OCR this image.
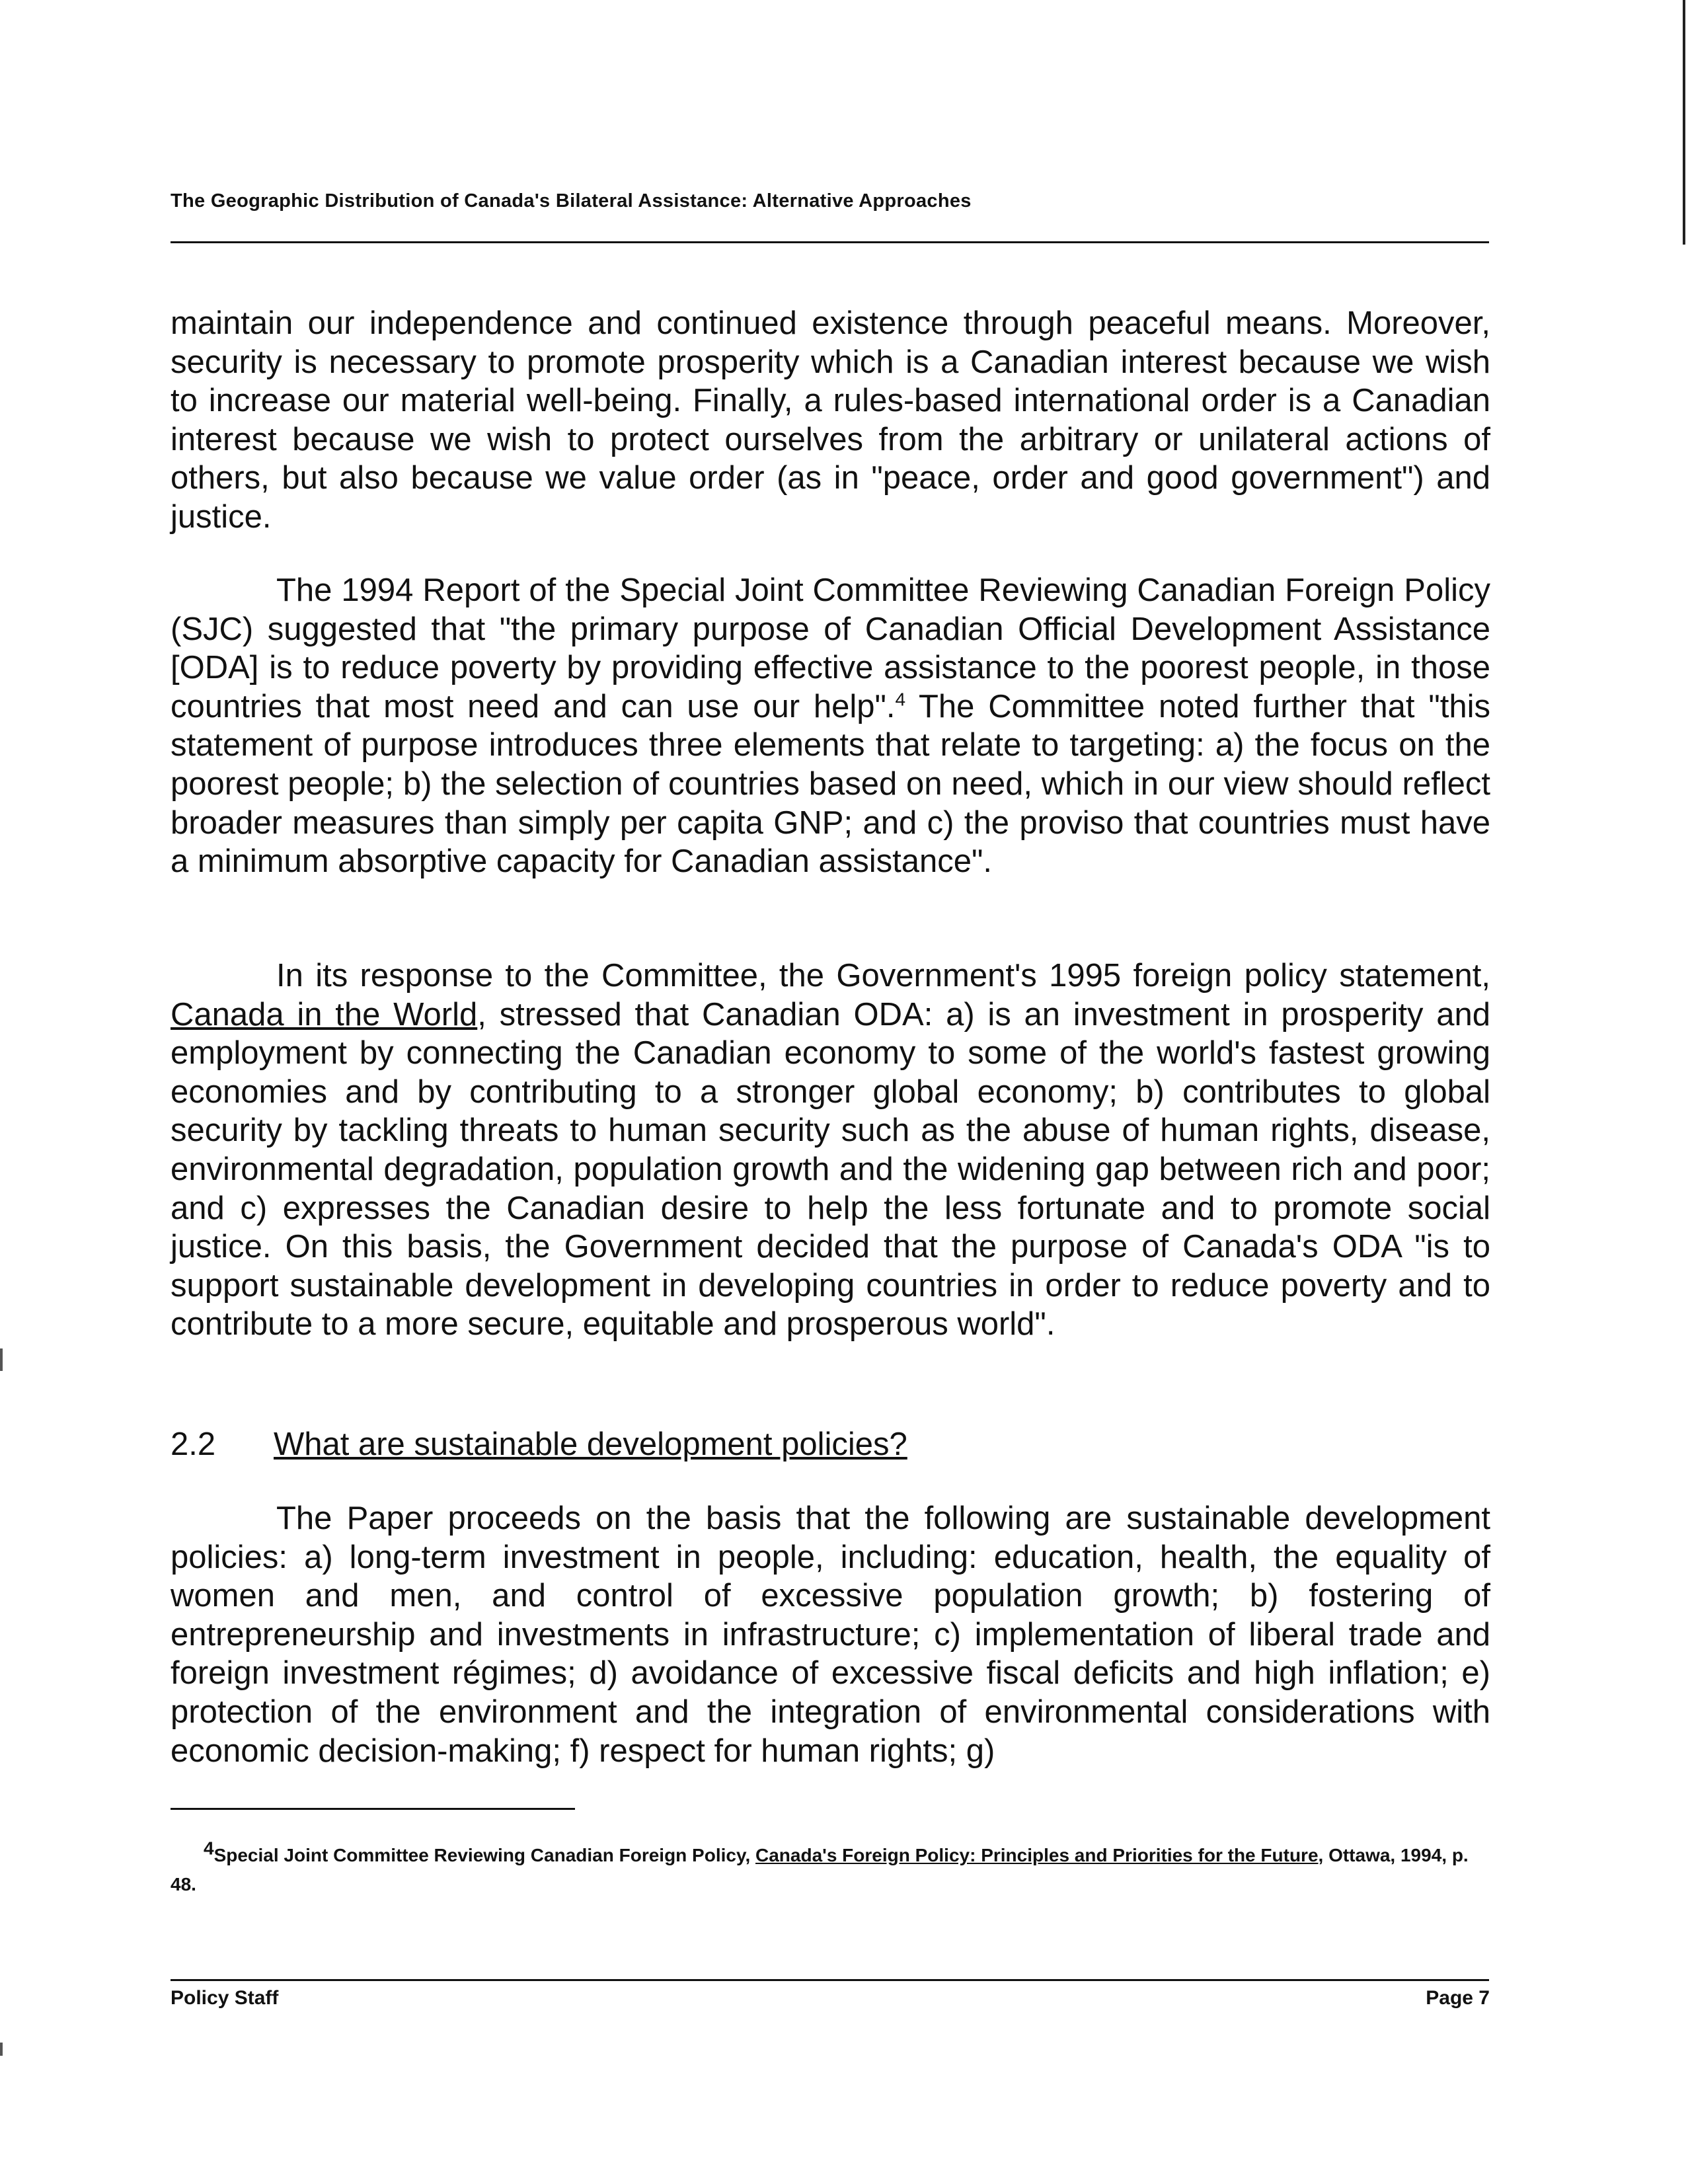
The Geographic Distribution of Canada's Bilateral Assistance: Alternative Approaches

maintain our independence and continued existence through peaceful means. Moreover, security is necessary to promote prosperity which is a Canadian interest because we wish to increase our material well-being. Finally, a rules-based international order is a Canadian interest because we wish to protect ourselves from the arbitrary or unilateral actions of others, but also because we value order (as in "peace, order and good government") and justice.

The 1994 Report of the Special Joint Committee Reviewing Canadian Foreign Policy (SJC) suggested that "the primary purpose of Canadian Official Development Assistance [ODA] is to reduce poverty by providing effective assistance to the poorest people, in those countries that most need and can use our help".$^4$ The Committee noted further that "this statement of purpose introduces three elements that relate to targeting: a) the focus on the poorest people; b) the selection of countries based on need, which in our view should reflect broader measures than simply per capita GNP; and c) the proviso that countries must have a minimum absorptive capacity for Canadian assistance".

In its response to the Committee, the Government's 1995 foreign policy statement, Canada in the World, stressed that Canadian ODA: a) is an investment in prosperity and employment by connecting the Canadian economy to some of the world's fastest growing economies and by contributing to a stronger global economy; b) contributes to global security by tackling threats to human security such as the abuse of human rights, disease, environmental degradation, population growth and the widening gap between rich and poor; and c) expresses the Canadian desire to help the less fortunate and to promote social justice. On this basis, the Government decided that the purpose of Canada's ODA "is to support sustainable development in developing countries in order to reduce poverty and to contribute to a more secure, equitable and prosperous world".

2.2 What are sustainable development policies?

The Paper proceeds on the basis that the following are sustainable development policies: a) long-term investment in people, including: education, health, the equality of women and men, and control of excessive population growth; b) fostering of entrepreneurship and investments in infrastructure; c) implementation of liberal trade and foreign investment régimes; d) avoidance of excessive fiscal deficits and high inflation; e) protection of the environment and the integration of environmental considerations with economic decision-making; f) respect for human rights; g)

$^4$Special Joint Committee Reviewing Canadian Foreign Policy, Canada's Foreign Policy: Principles and Priorities for the Future, Ottawa, 1994, p. 48.

Policy Staff	Page 7
